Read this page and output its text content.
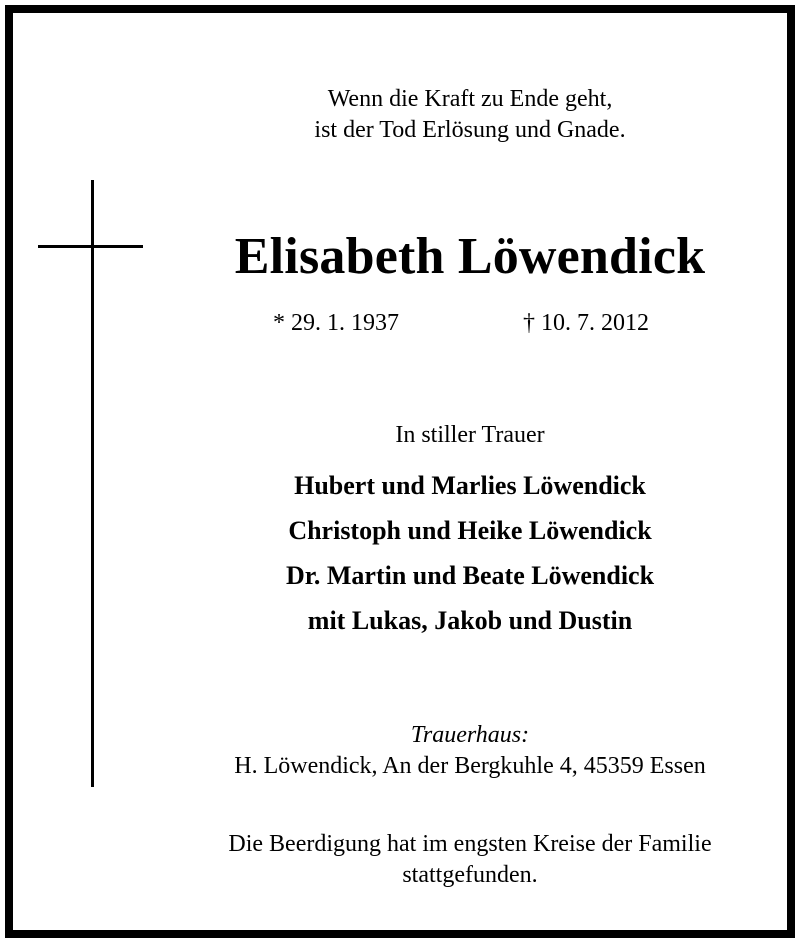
Wenn die Kraft zu Ende geht,
ist der Tod Erlösung und Gnade.
Elisabeth Löwendick
* 29. 1. 1937	† 10. 7. 2012
In stiller Trauer
Hubert und Marlies Löwendick
Christoph und Heike Löwendick
Dr. Martin und Beate Löwendick
mit Lukas, Jakob und Dustin
Trauerhaus:
H. Löwendick, An der Bergkuhle 4, 45359 Essen
Die Beerdigung hat im engsten Kreise der Familie
stattgefunden.
